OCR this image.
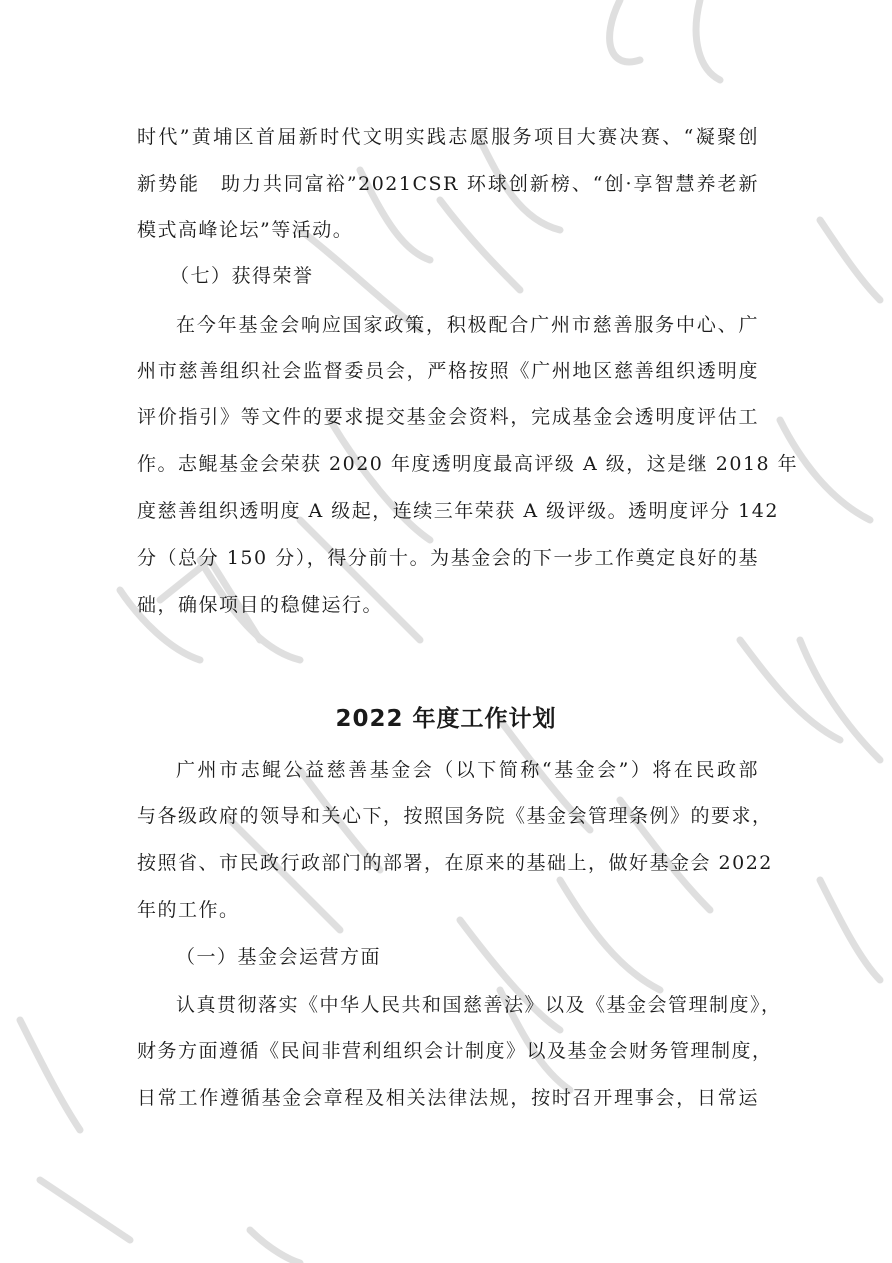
仅限官网公示
时代”黄埔区首届新时代文明实践志愿服务项目大赛决赛、“凝聚创
新势能　助力共同富裕”2021CSR 环球创新榜、“创·享智慧养老新
模式高峰论坛”等活动。
（七）获得荣誉
在今年基金会响应国家政策，积极配合广州市慈善服务中心、广
州市慈善组织社会监督委员会，严格按照《广州地区慈善组织透明度
评价指引》等文件的要求提交基金会资料，完成基金会透明度评估工
作。志鲲基金会荣获 2020 年度透明度最高评级 A 级，这是继 2018 年
度慈善组织透明度 A 级起，连续三年荣获 A 级评级。透明度评分 142
分（总分 150 分），得分前十。为基金会的下一步工作奠定良好的基
础，确保项目的稳健运行。
2022 年度工作计划
广州市志鲲公益慈善基金会（以下简称“基金会”）将在民政部
与各级政府的领导和关心下，按照国务院《基金会管理条例》的要求，
按照省、市民政行政部门的部署，在原来的基础上，做好基金会 2022
年的工作。
（一）基金会运营方面
认真贯彻落实《中华人民共和国慈善法》以及《基金会管理制度》，
财务方面遵循《民间非营利组织会计制度》以及基金会财务管理制度，
日常工作遵循基金会章程及相关法律法规，按时召开理事会，日常运
